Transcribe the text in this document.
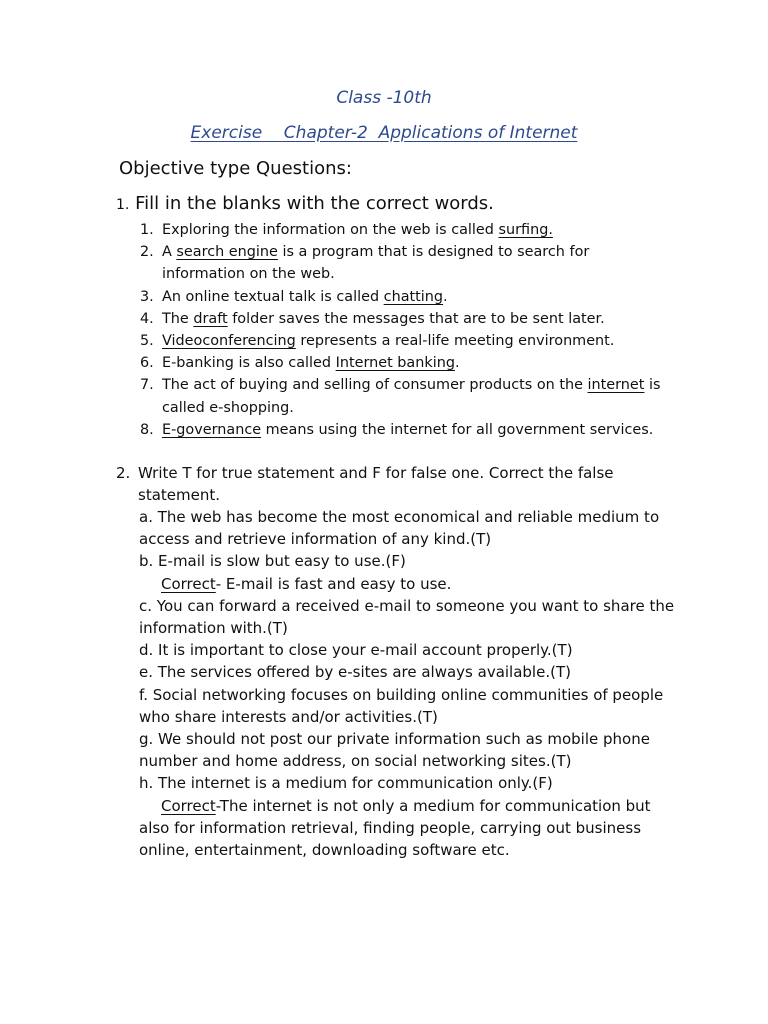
Class -10th
Exercise    Chapter-2  Applications of Internet
Objective type Questions:
1. Fill in the blanks with the correct words.
1. Exploring the information on the web is called surfing.
2. A search engine is a program that is designed to search for information on the web.
3. An online textual talk is called chatting.
4. The draft folder saves the messages that are to be sent later.
5. Videoconferencing represents a real-life meeting environment.
6. E-banking is also called Internet banking.
7. The act of buying and selling of consumer products on the internet is called e-shopping.
8. E-governance means using the internet for all government services.
2. Write T for true statement and F for false one. Correct the false statement.
a. The web has become the most economical and reliable medium to access and retrieve information of any kind.(T)
b. E-mail is slow but easy to use.(F)
Correct- E-mail is fast and easy to use.
c. You can forward a received e-mail to someone you want to share the information with.(T)
d. It is important to close your e-mail account properly.(T)
e. The services offered by e-sites are always available.(T)
f. Social networking focuses on building online communities of people who share interests and/or activities.(T)
g. We should not post our private information such as mobile phone number and home address, on social networking sites.(T)
h. The internet is a medium for communication only.(F)
Correct-The internet is not only a medium for communication but also for information retrieval, finding people, carrying out business online, entertainment, downloading software etc.
